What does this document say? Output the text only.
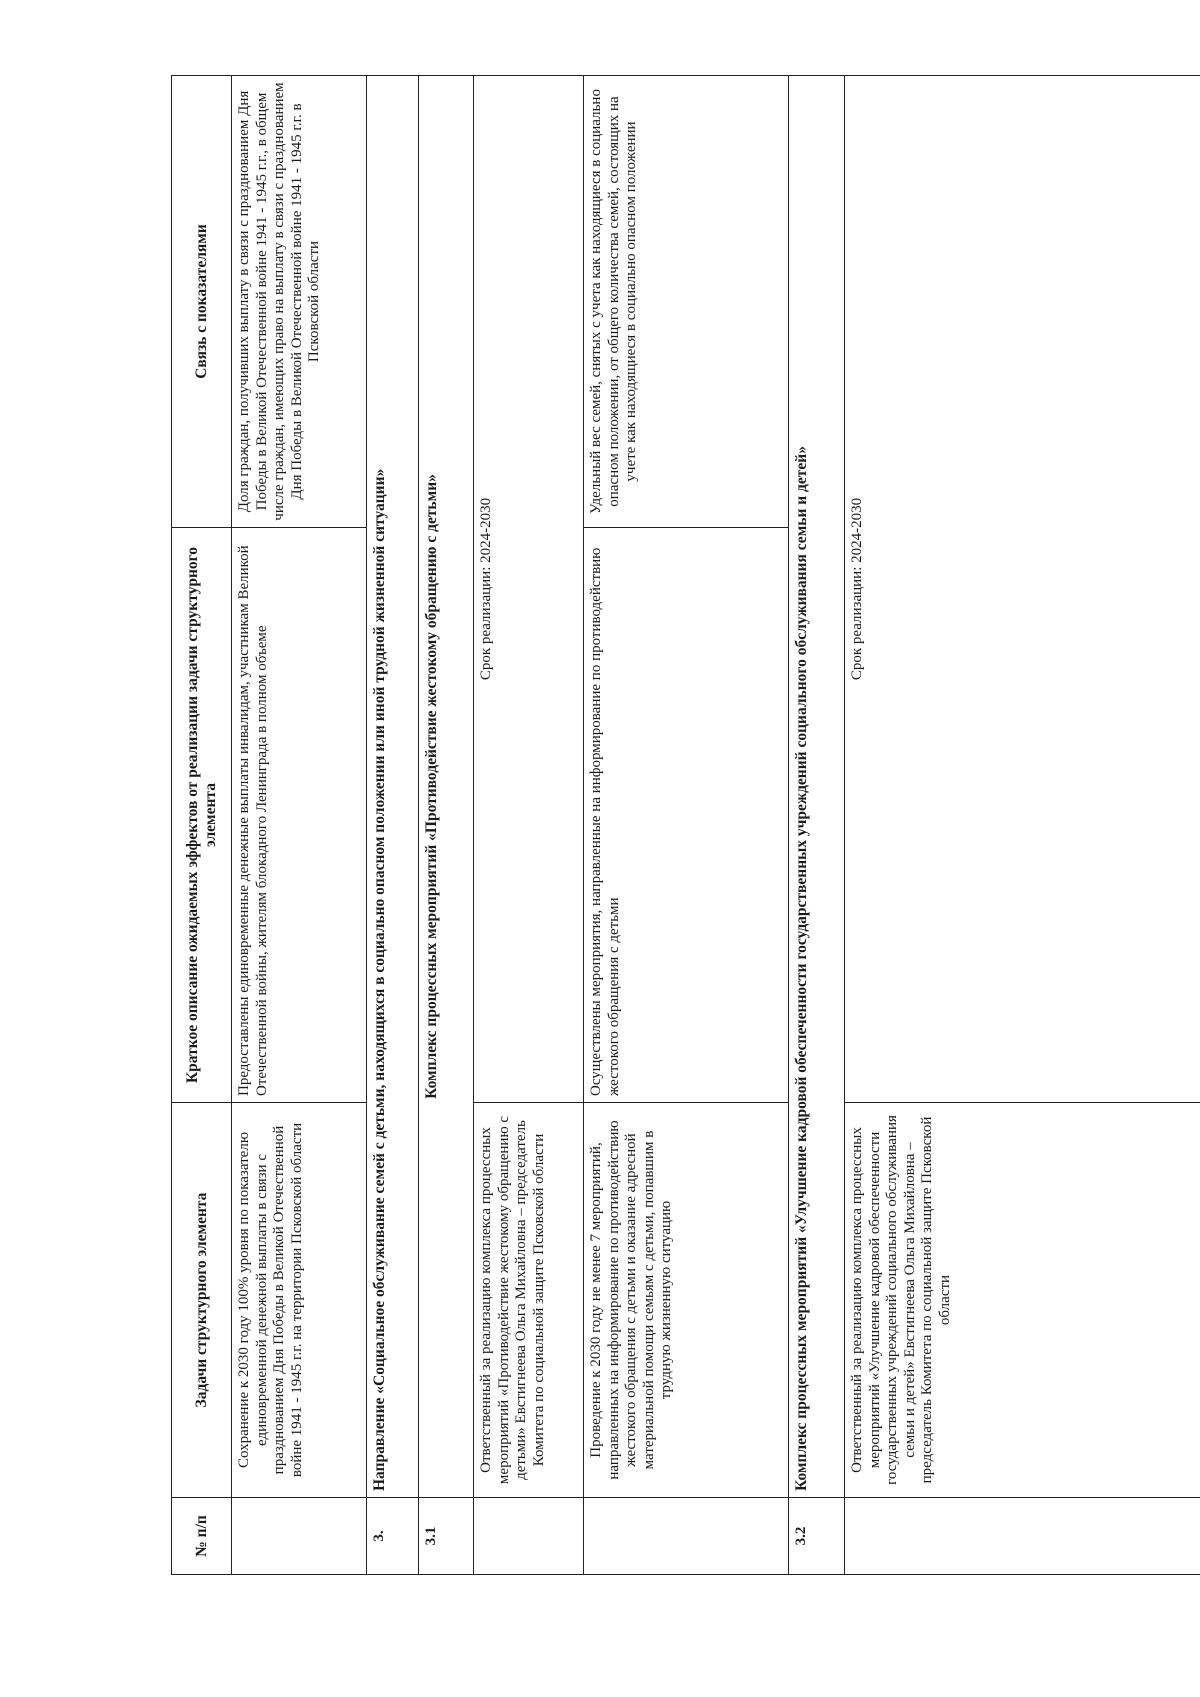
№ п/п	Задачи структурного элемента	Краткое описание ожидаемых эффектов от реализации задачи структурного элемента	Связь с показателями
	Сохранение к 2030 году 100% уровня по показателю единовременной денежной выплаты в связи с празднованием Дня Победы в Великой Отечественной войне 1941 - 1945 г.г. на территории Псковской области	Предоставлены единовременные денежные выплаты инвалидам, участникам Великой Отечественной войны, жителям блокадного Ленинграда в полном объеме	Доля граждан, получивших выплату в связи с празднованием Дня Победы в Великой Отечественной войне 1941 - 1945 г.г., в общем числе граждан, имеющих право на выплату в связи с празднованием Дня Победы в Великой Отечественной войне 1941 - 1945 г.г. в Псковской области
3.	Направление «Социальное обслуживание семей с детьми, находящихся в социально опасном положении или иной трудной жизненной ситуации»		
3.1	Комплекс процессных мероприятий «Противодействие жестокому обращению с детьми»		
	Ответственный за реализацию комплекса процессных мероприятий «Противодействие жестокому обращению с детьми» Евстигнеева Ольга Михайловна – председатель Комитета по социальной защите Псковской области	Срок реализации: 2024-2030	
	Проведение к 2030 году не менее 7 мероприятий, направленных на информирование по противодействию жестокого обращения с детьми и оказание адресной материальной помощи семьям с детьми, попавшим в трудную жизненную ситуацию	Осуществлены мероприятия, направленные на информирование по противодействию жестокого обращения с детьми	Удельный вес семей, снятых с учета как находящиеся в социально опасном положении, от общего количества семей, состоящих на учете как находящиеся в социально опасном положении
3.2	Комплекс процессных мероприятий «Улучшение кадровой обеспеченности государственных учреждений социального обслуживания семьи и детей»		
	Ответственный за реализацию комплекса процессных мероприятий «Улучшение кадровой обеспеченности государственных учреждений социального обслуживания семьи и детей» Евстигнеева Ольга Михайловна – председатель Комитета по социальной защите Псковской области	Срок реализации: 2024-2030	
